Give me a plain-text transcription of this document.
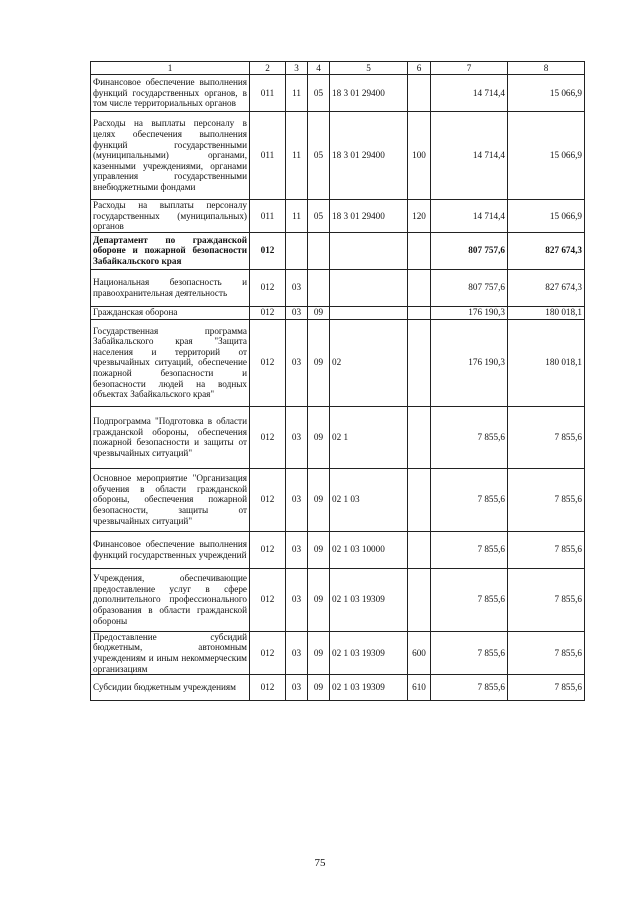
1	2	3	4	5	6	7	8
Финансовое обеспечение выполнения функций государственных органов, в том числе территориальных органов	011	11	05	18 3 01 29400		14 714,4	15 066,9
Расходы на выплаты персоналу в целях обеспечения выполнения функций государственными (муниципальными) органами, казенными учреждениями, органами управления государственными внебюджетными фондами	011	11	05	18 3 01 29400	100	14 714,4	15 066,9
Расходы на выплаты персоналу государственных (муниципальных) органов	011	11	05	18 3 01 29400	120	14 714,4	15 066,9
Департамент по гражданской обороне и пожарной безопасности Забайкальского края	012					807 757,6	827 674,3
Национальная безопасность и правоохранительная деятельность	012	03				807 757,6	827 674,3
Гражданская оборона	012	03	09			176 190,3	180 018,1
Государственная программа Забайкальского края "Защита населения и территорий от чрезвычайных ситуаций, обеспечение пожарной безопасности и безопасности людей на водных объектах Забайкальского края"	012	03	09	02		176 190,3	180 018,1
Подпрограмма "Подготовка в области гражданской обороны, обеспечения пожарной безопасности и защиты от чрезвычайных ситуаций"	012	03	09	02 1		7 855,6	7 855,6
Основное мероприятие "Организация обучения в области гражданской обороны, обеспечения пожарной безопасности, защиты от чрезвычайных ситуаций"	012	03	09	02 1 03		7 855,6	7 855,6
Финансовое обеспечение выполнения функций государственных учреждений	012	03	09	02 1 03 10000		7 855,6	7 855,6
Учреждения, обеспечивающие предоставление услуг в сфере дополнительного профессионального образования в области гражданской обороны	012	03	09	02 1 03 19309		7 855,6	7 855,6
Предоставление субсидий бюджетным, автономным учреждениям и иным некоммерческим организациям	012	03	09	02 1 03 19309	600	7 855,6	7 855,6
Субсидии бюджетным учреждениям	012	03	09	02 1 03 19309	610	7 855,6	7 855,6
75
